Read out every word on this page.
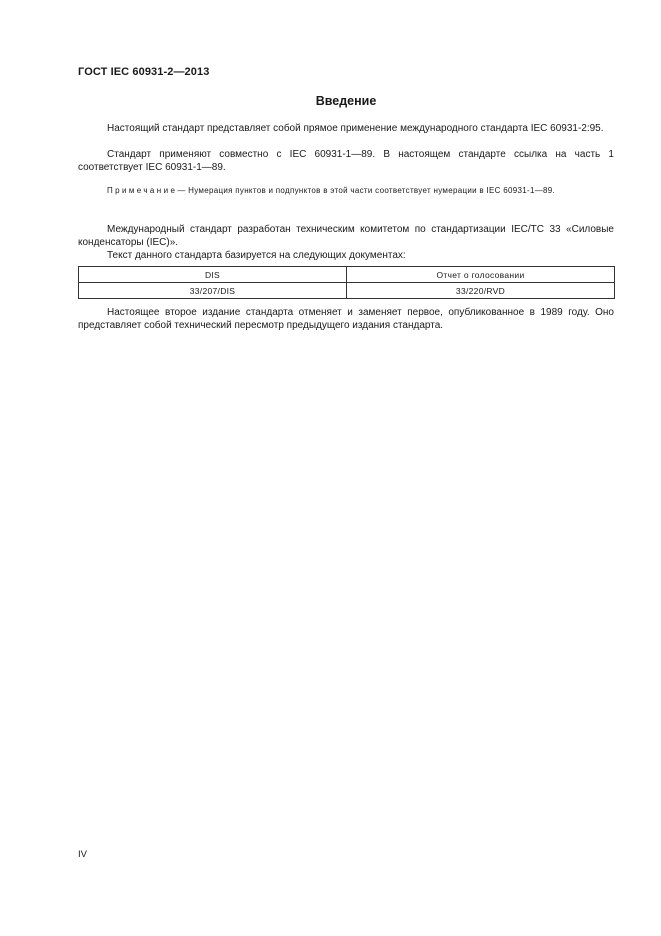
ГОСТ IEC 60931-2—2013
Введение

Настоящий стандарт представляет собой прямое применение международного стандарта IEC 60931-2:95.

Стандарт применяют совместно с IEC 60931-1—89. В настоящем стандарте ссылка на часть 1 соответствует IEC 60931-1—89.

Примечание— Нумерация пунктов и подпунктов в этой части соответствует нумерации в IEC 60931-1—89.

Международный стандарт разработан техническим комитетом по стандартизации IEC/TC 33 «Силовые конденсаторы (IEC)».

Текст данного стандарта базируется на следующих документах:

DIS	Отчет о голосовании
33/207/DIS	33/220/RVD

Настоящее второе издание стандарта отменяет и заменяет первое, опубликованное в 1989 году. Оно представляет собой технический пересмотр предыдущего издания стандарта.

IV
